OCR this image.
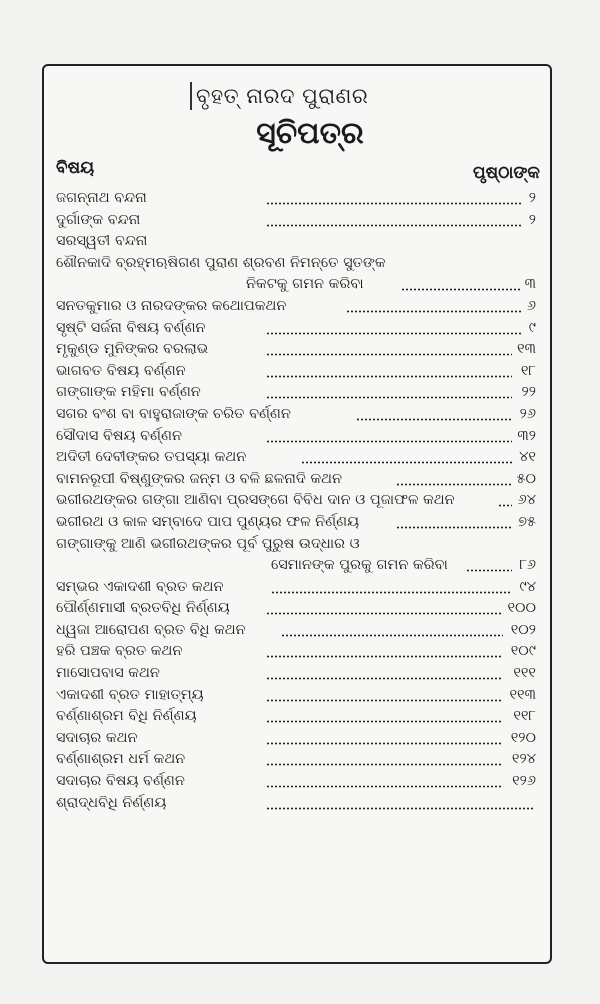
ବୃହତ୍ ନାରଦ ପୁରାଣର
ସୂଚିପତ୍ର
ବିଷୟ	ପୃଷ୍ଠାଙ୍କ
ଜଗନ୍ନାଥ ବନ୍ଦନା	୨
ଦୁର୍ଗାଙ୍କ ବନ୍ଦନା	୨
ସରସ୍ୱତୀ ବନ୍ଦନା
ଶୌନକାଦି ବ୍ରହ୍ମଋଷିଗଣ ପୁରାଣ ଶ୍ରବଣ ନିମନ୍ତେ ସୁତଙ୍କ
ନିକଟକୁ ଗମନ କରିବା	୩
ସନତକୁମାର ଓ ନାରଦଙ୍କର କଥୋପକଥନ	୬
ସୃଷ୍ଟି ସର୍ଜନା ବିଷୟ ବର୍ଣ୍ଣନ	୯
ମୃକୁଣ୍ଡ ମୁନିଙ୍କର ବରଲାଭ	୧୩
ଭାଗବତ ବିଷୟ ବର୍ଣ୍ଣନ	୧୮
ଗଙ୍ଗାଙ୍କ ମହିମା ବର୍ଣ୍ଣନ	୨୨
ସଗର ବଂଶ ବା ବାହୁରାଜାଙ୍କ ଚରିତ ବର୍ଣ୍ଣନ	୨୬
ସୌଦାସ ବିଷୟ ବର୍ଣ୍ଣନ	୩୨
ଅଦିତୀ ଦେବୀଙ୍କର ତପସ୍ୟା କଥନ	୪୧
ବାମନରୂପୀ ବିଷ୍ଣୁଙ୍କର ଜନ୍ମ ଓ ବଳି ଛଳନାଦି କଥନ	୫୦
ଭଗୀରଥଙ୍କର ଗଙ୍ଗା ଆଣିବା ପ୍ରସଙ୍ଗେ ବିବିଧ ଦାନ ଓ ପୂଜାଫଳ କଥନ	୬୪
ଭଗୀରଥ ଓ କାଳ ସମ୍ବାଦେ ପାପ ପୁଣ୍ୟର ଫଳ ନିର୍ଣ୍ଣୟ	୭୫
ଗଙ୍ଗାଙ୍କୁ ଆଣି ଭଗୀରଥଙ୍କର ପୂର୍ବ ପୁରୁଷ ଉଦ୍ଧାର ଓ
ସେମାନଙ୍କ ପୁରକୁ ଗମନ କରିବା	୮୬
ସମ୍ଭର ଏକାଦଶୀ ବ୍ରତ କଥନ	୯୪
ପୌର୍ଣ୍ଣମାସୀ ବ୍ରତବିଧି ନିର୍ଣ୍ଣୟ	୧୦୦
ଧ୍ୱଜା ଆରୋପଣ ବ୍ରତ ବିଧି କଥନ	୧୦୨
ହରି ପଞ୍ଚକ ବ୍ରତ କଥନ	୧୦୯
ମାସୋପବାସ କଥନ	୧୧୧
ଏକାଦଶୀ ବ୍ରତ ମାହାତ୍ମ୍ୟ	୧୧୩
ବର୍ଣ୍ଣାଶ୍ରମ ବିଧି ନିର୍ଣ୍ଣୟ	୧୧୮
ସଦାଚାର କଥନ	୧୨୦
ବର୍ଣ୍ଣାଶ୍ରମ ଧର୍ମ କଥନ	୧୨୪
ସଦାଚାର ବିଷୟ ବର୍ଣ୍ଣନ	୧୨୬
ଶ୍ରାଦ୍ଧବିଧି ନିର୍ଣ୍ଣୟ
